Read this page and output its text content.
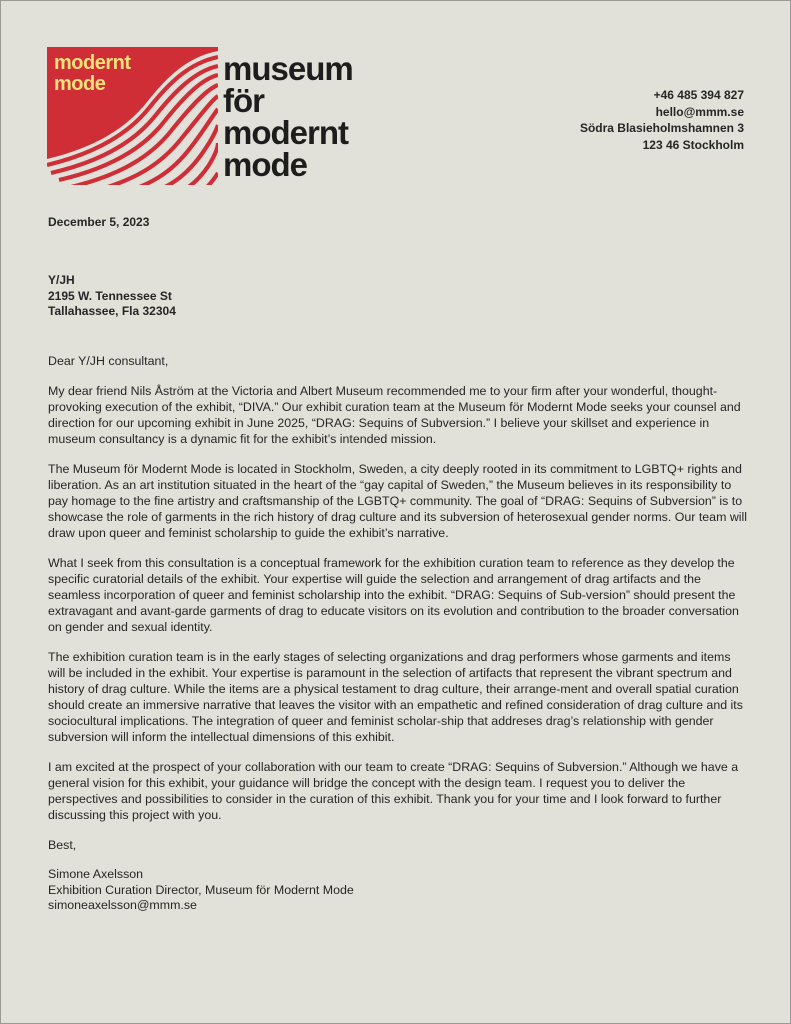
modernt
mode	museum
för
modernt
mode
+46 485 394 827
hello@mmm.se
Södra Blasieholmshamnen 3
123 46 Stockholm
December 5, 2023
Y/JH
2195 W. Tennessee St
Tallahassee, Fla 32304

Dear Y/JH consultant,

My dear friend Nils Åström at the Victoria and Albert Museum recommended me to your firm after your wonderful, thought-provoking execution of the exhibit, “DIVA.” Our exhibit curation team at the Museum för Modernt Mode seeks your counsel and direction for our upcoming exhibit in June 2025, “DRAG: Sequins of Subversion.” I believe your skillset and experience in museum consultancy is a dynamic fit for the exhibit’s intended mission.

The Museum för Modernt Mode is located in Stockholm, Sweden, a city deeply rooted in its commitment to LGBTQ+ rights and liberation. As an art institution situated in the heart of the “gay capital of Sweden,” the Museum believes in its responsibility to pay homage to the fine artistry and craftsmanship of the LGBTQ+ community. The goal of “DRAG: Sequins of Subversion” is to showcase the role of garments in the rich history of drag culture and its subversion of heterosexual gender norms. Our team will draw upon queer and feminist scholarship to guide the exhibit’s narrative.

What I seek from this consultation is a conceptual framework for the exhibition curation team to reference as they develop the specific curatorial details of the exhibit. Your expertise will guide the selection and arrangement of drag artifacts and the seamless incorporation of queer and feminist scholarship into the exhibit. “DRAG: Sequins of Sub-version” should present the extravagant and avant-garde garments of drag to educate visitors on its evolution and contribution to the broader conversation on gender and sexual identity.

The exhibition curation team is in the early stages of selecting organizations and drag performers whose garments and items will be included in the exhibit. Your expertise is paramount in the selection of artifacts that represent the vibrant spectrum and history of drag culture. While the items are a physical testament to drag culture, their arrange-ment and overall spatial curation should create an immersive narrative that leaves the visitor with an empathetic and refined consideration of drag culture and its sociocultural implications. The integration of queer and feminist scholar-ship that addreses drag’s relationship with gender subversion will inform the intellectual dimensions of this exhibit.

I am excited at the prospect of your collaboration with our team to create “DRAG: Sequins of Subversion.” Although we have a general vision for this exhibit, your guidance will bridge the concept with the design team. I request you to deliver the perspectives and possibilities to consider in the curation of this exhibit. Thank you for your time and I look forward to further discussing this project with you.

Best,

Simone Axelsson
Exhibition Curation Director, Museum för Modernt Mode
simoneaxelsson@mmm.se
